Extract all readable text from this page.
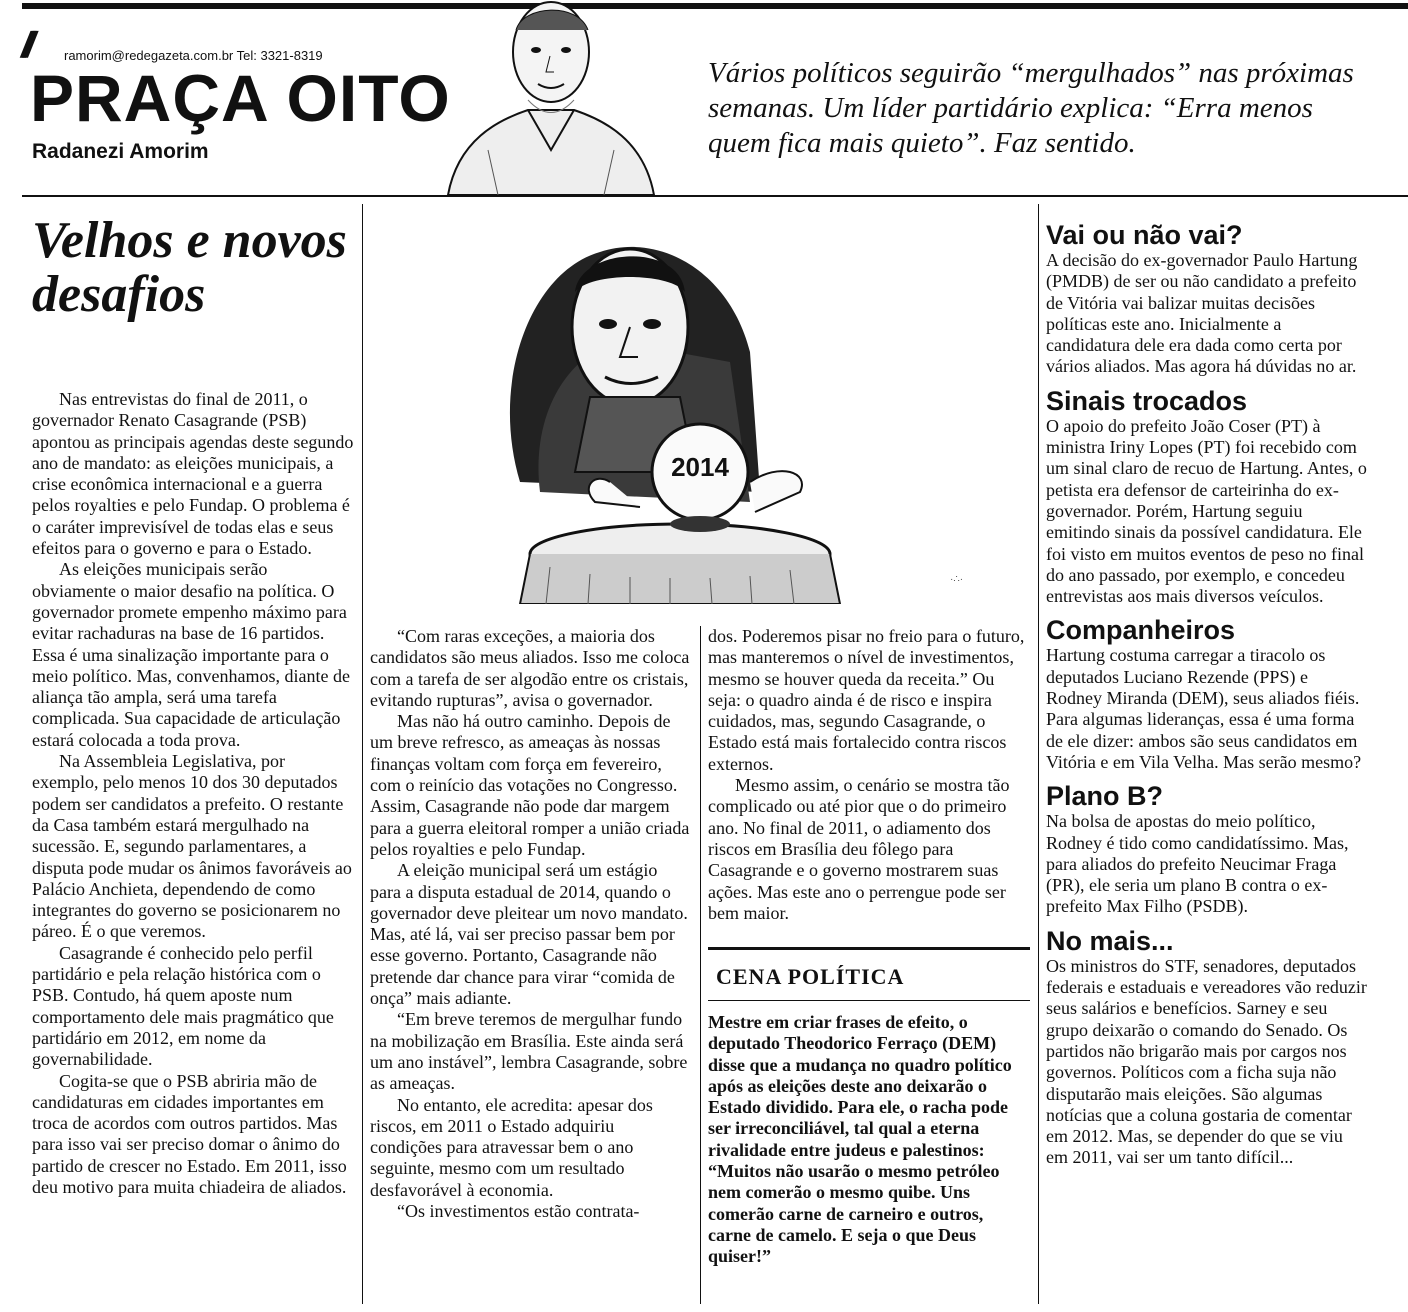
/// ramorim@redegazeta.com.br Tel: 3321-8319
PRAÇA OITO
Radanezi Amorim
Vários políticos seguirão “mergulhados” nas próximas semanas. Um líder partidário explica: “Erra menos quem fica mais quieto”. Faz sentido.
Velhos e novos desafios

Nas entrevistas do final de 2011, o governador Renato Casagrande (PSB) apontou as principais agendas deste segundo ano de mandato: as eleições municipais, a crise econômica internacional e a guerra pelos royalties e pelo Fundap. O problema é o caráter imprevisível de todas elas e seus efeitos para o governo e para o Estado.

As eleições municipais serão obviamente o maior desafio na política. O governador promete empenho máximo para evitar rachaduras na base de 16 partidos. Essa é uma sinalização importante para o meio político. Mas, convenhamos, diante de aliança tão ampla, será uma tarefa complicada. Sua capacidade de articulação estará colocada a toda prova.

Na Assembleia Legislativa, por exemplo, pelo menos 10 dos 30 deputados podem ser candidatos a prefeito. O restante da Casa também estará mergulhado na sucessão. E, segundo parlamentares, a disputa pode mudar os ânimos favoráveis ao Palácio Anchieta, dependendo de como integrantes do governo se posicionarem no páreo. É o que veremos.

Casagrande é conhecido pelo perfil partidário e pela relação histórica com o PSB. Contudo, há quem aposte num comportamento dele mais pragmático que partidário em 2012, em nome da governabilidade.

Cogita-se que o PSB abriria mão de candidaturas em cidades importantes em troca de acordos com outros partidos. Mas para isso vai ser preciso domar o ânimo do partido de crescer no Estado. Em 2011, isso deu motivo para muita chiadeira de aliados.

2014
·∴·

“Com raras exceções, a maioria dos candidatos são meus aliados. Isso me coloca com a tarefa de ser algodão entre os cristais, evitando rupturas”, avisa o governador.

Mas não há outro caminho. Depois de um breve refresco, as ameaças às nossas finanças voltam com força em fevereiro, com o reinício das votações no Congresso. Assim, Casagrande não pode dar margem para a guerra eleitoral romper a união criada pelos royalties e pelo Fundap.

A eleição municipal será um estágio para a disputa estadual de 2014, quando o governador deve pleitear um novo mandato. Mas, até lá, vai ser preciso passar bem por esse governo. Portanto, Casagrande não pretende dar chance para virar “comida de onça” mais adiante.

“Em breve teremos de mergulhar fundo na mobilização em Brasília. Este ainda será um ano instável”, lembra Casagrande, sobre as ameaças.

No entanto, ele acredita: apesar dos riscos, em 2011 o Estado adquiriu condições para atravessar bem o ano seguinte, mesmo com um resultado desfavorável à economia.

“Os investimentos estão contrata-

dos. Poderemos pisar no freio para o futuro, mas manteremos o nível de investimentos, mesmo se houver queda da receita.” Ou seja: o quadro ainda é de risco e inspira cuidados, mas, segundo Casagrande, o Estado está mais fortalecido contra riscos externos.

Mesmo assim, o cenário se mostra tão complicado ou até pior que o do primeiro ano. No final de 2011, o adiamento dos riscos em Brasília deu fôlego para Casagrande e o governo mostrarem suas ações. Mas este ano o perrengue pode ser bem maior.

CENA POLÍTICA
Mestre em criar frases de efeito, o deputado Theodorico Ferraço (DEM) disse que a mudança no quadro político após as eleições deste ano deixarão o Estado dividido. Para ele, o racha pode ser irreconciliável, tal qual a eterna rivalidade entre judeus e palestinos: “Muitos não usarão o mesmo petróleo nem comerão o mesmo quibe. Uns comerão carne de carneiro e outros, carne de camelo. E seja o que Deus quiser!”
Vai ou não vai?
A decisão do ex-governador Paulo Hartung (PMDB) de ser ou não candidato a prefeito de Vitória vai balizar muitas decisões políticas este ano. Inicialmente a candidatura dele era dada como certa por vários aliados. Mas agora há dúvidas no ar.
Sinais trocados
O apoio do prefeito João Coser (PT) à ministra Iriny Lopes (PT) foi recebido com um sinal claro de recuo de Hartung. Antes, o petista era defensor de carteirinha do ex-governador. Porém, Hartung seguiu emitindo sinais da possível candidatura. Ele foi visto em muitos eventos de peso no final do ano passado, por exemplo, e concedeu entrevistas aos mais diversos veículos.
Companheiros
Hartung costuma carregar a tiracolo os deputados Luciano Rezende (PPS) e Rodney Miranda (DEM), seus aliados fiéis. Para algumas lideranças, essa é uma forma de ele dizer: ambos são seus candidatos em Vitória e em Vila Velha. Mas serão mesmo?
Plano B?
Na bolsa de apostas do meio político, Rodney é tido como candidatíssimo. Mas, para aliados do prefeito Neucimar Fraga (PR), ele seria um plano B contra o ex-prefeito Max Filho (PSDB).
No mais...
Os ministros do STF, senadores, deputados federais e estaduais e vereadores vão reduzir seus salários e benefícios. Sarney e seu grupo deixarão o comando do Senado. Os partidos não brigarão mais por cargos nos governos. Políticos com a ficha suja não disputarão mais eleições. São algumas notícias que a coluna gostaria de comentar em 2012. Mas, se depender do que se viu em 2011, vai ser um tanto difícil...
